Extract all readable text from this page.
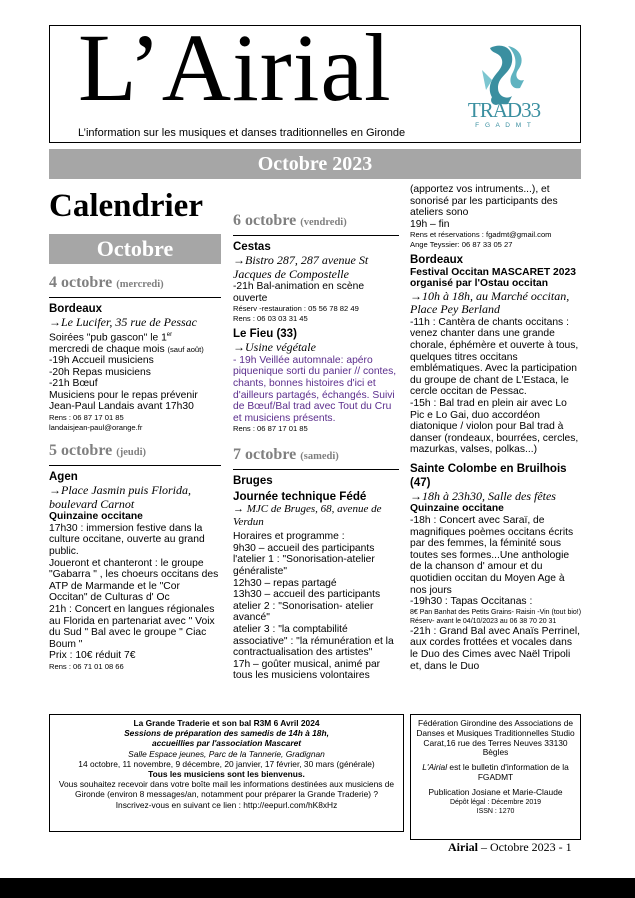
L’Airial
L’information sur les musiques et danses traditionnelles en Gironde
TRAD33
F G A D M T
Octobre 2023
Calendrier
Octobre
4 octobre (mercredi)
Bordeaux
→Le Lucifer, 35 rue de Pessac

Soirées "pub gascon" le 1er

mercredi de chaque mois (sauf août)

-19h Accueil musiciens

-20h Repas musiciens

-21h Bœuf

Musiciens pour le repas prévenir

Jean-Paul Landais avant 17h30

Rens : 06 87 17 01 85

landaisjean-paul@orange.fr

5 octobre (jeudi)
Agen
→Place Jasmin puis Florida, boulevard Carnot

Quinzaine occitane

17h30 : immersion festive dans la culture occitane, ouverte au grand public.

Joueront et chanteront : le groupe "Gabarra " , les choeurs occitans des ATP de Marmande et le "Cor Occitan" de Culturas d' Oc

21h : Concert en langues régionales au Florida en partenariat avec " Voix du Sud " Bal avec le groupe " Ciac Boum "

Prix : 10€ réduit 7€

Rens : 06 71 01 08 66

6 octobre (vendredi)
Cestas
→Bistro 287, 287 avenue St Jacques de Compostelle

-21h Bal-animation en scène ouverte

Réserv -restauration : 05 56 78 82 49

Rens : 06 03 03 31 45

Le Fieu (33)
→Usine végétale

- 19h Veillée automnale: apéro piquenique sorti du panier // contes, chants, bonnes histoires d'ici et d'ailleurs partagés, échangés. Suivi de Bœuf/Bal trad avec Tout du Cru et musiciens présents.

Rens : 06 87 17 01 85

7 octobre (samedi)
Bruges
Journée technique Fédé
→ MJC de Bruges, 68, avenue de Verdun

Horaires et programme :

9h30 – accueil des participants

l'atelier 1 : "Sonorisation-atelier généraliste"

12h30 – repas partagé

13h30 – accueil des participants

atelier 2 : "Sonorisation- atelier avancé"

atelier 3 : "la comptabilité associative" : "la rémunération et la contractualisation des artistes"

17h – goûter musical, animé par tous les musiciens volontaires

(apportez vos intruments...), et sonorisé par les participants des ateliers sono

19h – fin

Rens et réservations : fgadmt@gmail.com

Ange Teyssier: 06 87 33 05 27

Bordeaux

Festival Occitan MASCARET 2023 organisé par l'Ostau occitan

→10h à 18h, au Marché occitan, Place Pey Berland

-11h : Cantèra de chants occitans : venez chanter dans une grande chorale, éphémère et ouverte à tous, quelques titres occitans emblématiques. Avec la participation du groupe de chant de L'Estaca, le cercle occitan de Pessac.

-15h : Bal trad en plein air avec Lo Pic e Lo Gai, duo accordéon diatonique / violon pour Bal trad à danser (rondeaux, bourrées, cercles, mazurkas, valses, polkas...)

Sainte Colombe en Bruilhois (47)
→18h à 23h30, Salle des fêtes

Quinzaine occitane

-18h : Concert avec Saraï, de magnifiques poèmes occitans écrits par des femmes, la féminité sous toutes ses formes...Une anthologie de la chanson d' amour et du quotidien occitan du Moyen Age à nos jours

-19h30 : Tapas Occitanas :

8€ Pan Banhat des Petits Grains- Raisin -Vin (tout bio!)

Réserv- avant le 04/10/2023 au 06 38 70 20 31

-21h : Grand Bal avec Anaïs Perrinel, aux cordes frottées et vocales dans le Duo des Cimes avec Naël Tripoli et, dans le Duo

La Grande Traderie et son bal R3M 6 Avril 2024

Sessions de préparation des samedis de 14h à 18h,

accueillies par l'association Mascaret

Salle Espace jeunes, Parc de la Tannerie, Gradignan

14 octobre, 11 novembre, 9 décembre, 20 janvier, 17 février, 30 mars (générale)

Tous les musiciens sont les bienvenus.

Vous souhaitez recevoir dans votre boîte mail les informations destinées aux musiciens de Gironde (environ 8 messages/an, notamment pour préparer la Grande Traderie) ? Inscrivez-vous en suivant ce lien : http://eepurl.com/hK8xHz

Fédération Girondine des Associations de Danses et Musiques Traditionnelles Studio Carat,16 rue des Terres Neuves 33130 Bègles

L'Airial est le bulletin d'information de la FGADMT

Publication Josiane et Marie-Claude

Dépôt légal : Décembre 2019

ISSN : 1270

Airial – Octobre 2023 - 1
